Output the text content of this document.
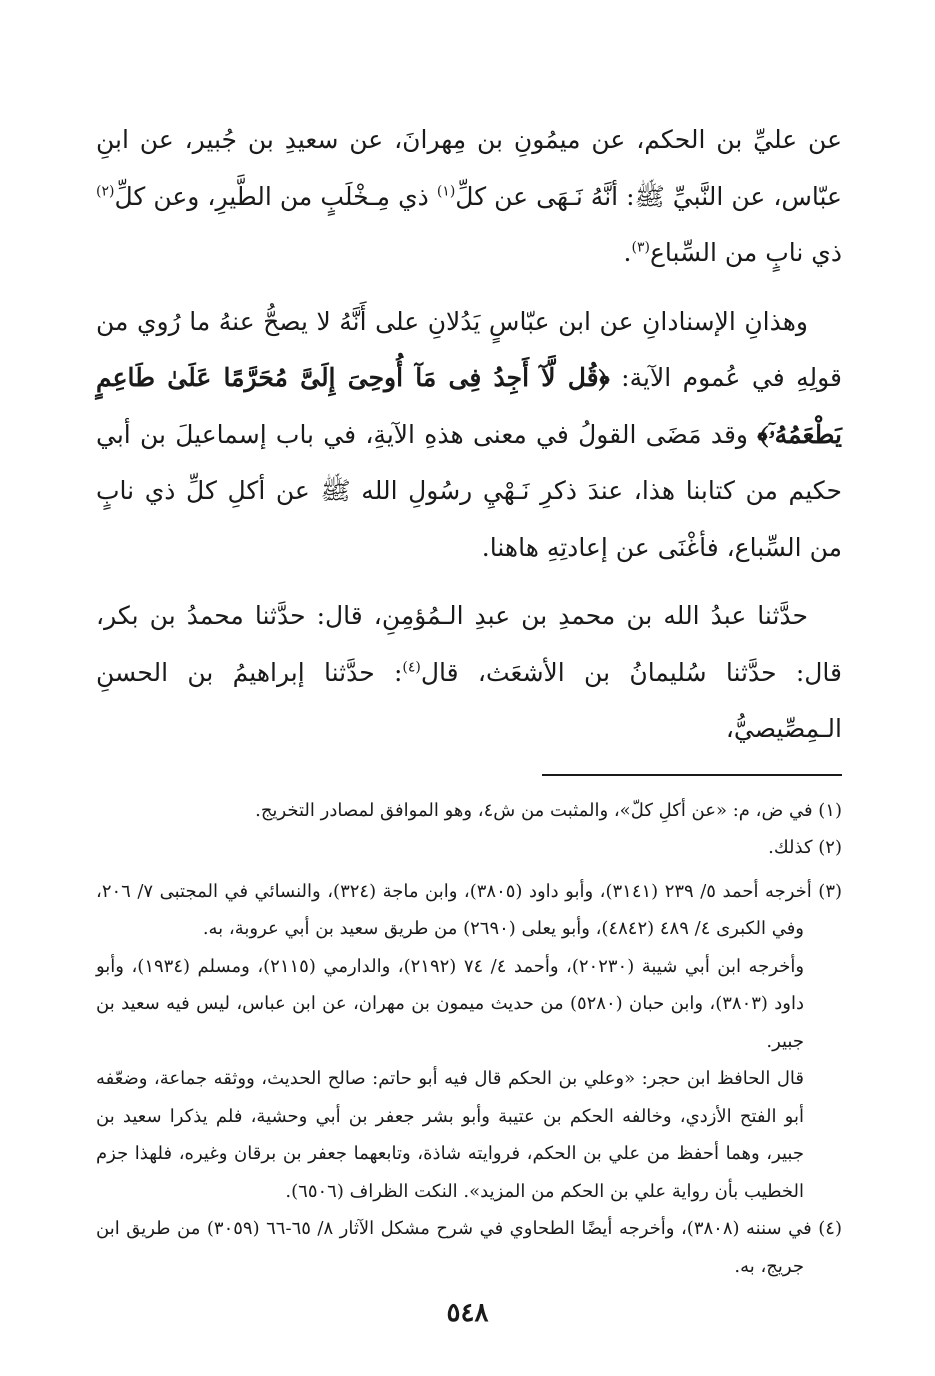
عن عليِّ بن الحكم، عن ميمُونِ بن مِهرانَ، عن سعيدِ بن جُبير، عن ابنِ عبّاس، عن النَّبيِّ ﷺ: أنَّهُ نَـهَى عن كلِّ$^{(١)}$ ذي مِـخْلَبٍ من الطَّيرِ، وعن كلِّ$^{(٢)}$ ذي نابٍ من السِّباع$^{(٣)}$.

وهذانِ الإسنادانِ عن ابن عبّاسٍ يَدُلانِ على أَنَّهُ لا يصحُّ عنهُ ما رُوي من قولِهِ في عُموم الآية: ﴿قُل لَّآ أَجِدُ فِى مَآ أُوحِىَ إِلَىَّ مُحَرَّمًا عَلَىٰ طَاعِمٍ يَطْعَمُهُۥٓ﴾ وقد مَضَى القولُ في معنى هذهِ الآيةِ، في باب إسماعيلَ بن أبي حكيم من كتابنا هذا، عندَ ذكرِ نَـهْيِ رسُولِ الله ﷺ عن أكلِ كلِّ ذي نابٍ من السِّباع، فأغْنَى عن إعادتِهِ هاهنا.

حدَّثنا عبدُ الله بن محمدِ بن عبدِ الـمُؤمِنِ، قال: حدَّثنا محمدُ بن بكر، قال: حدَّثنا سُليمانُ بن الأشعَث، قال$^{(٤)}$: حدَّثنا إبراهيمُ بن الحسنِ الـمِصِّيصيُّ،

(١) في ض، م: «عن أكلِ كلّ»، والمثبت من ش٤، وهو الموافق لمصادر التخريج.

(٢) كذلك.

(٣) أخرجه أحمد ٥/ ٢٣٩ (٣١٤١)، وأبو داود (٣٨٠٥)، وابن ماجة (٣٢٤)، والنسائي في المجتبى ٧/ ٢٠٦، وفي الكبرى ٤/ ٤٨٩ (٤٨٤٢)، وأبو يعلى (٢٦٩٠) من طريق سعيد بن أبي عروبة، به.

وأخرجه ابن أبي شيبة (٢٠٢٣٠)، وأحمد ٤/ ٧٤ (٢١٩٢)، والدارمي (٢١١٥)، ومسلم (١٩٣٤)، وأبو داود (٣٨٠٣)، وابن حبان (٥٢٨٠) من حديث ميمون بن مهران، عن ابن عباس، ليس فيه سعيد بن جبير.

قال الحافظ ابن حجر: «وعلي بن الحكم قال فيه أبو حاتم: صالح الحديث، ووثقه جماعة، وضعّفه أبو الفتح الأزدي، وخالفه الحكم بن عتيبة وأبو بشر جعفر بن أبي وحشية، فلم يذكرا سعيد بن جبير، وهما أحفظ من علي بن الحكم، فروايته شاذة، وتابعهما جعفر بن برقان وغيره، فلهذا جزم الخطيب بأن رواية علي بن الحكم من المزيد». النكت الظراف (٦٥٠٦).

(٤) في سننه (٣٨٠٨)، وأخرجه أيضًا الطحاوي في شرح مشكل الآثار ٨/ ٦٥-٦٦ (٣٠٥٩) من طريق ابن جريج، به.

٥٤٨
